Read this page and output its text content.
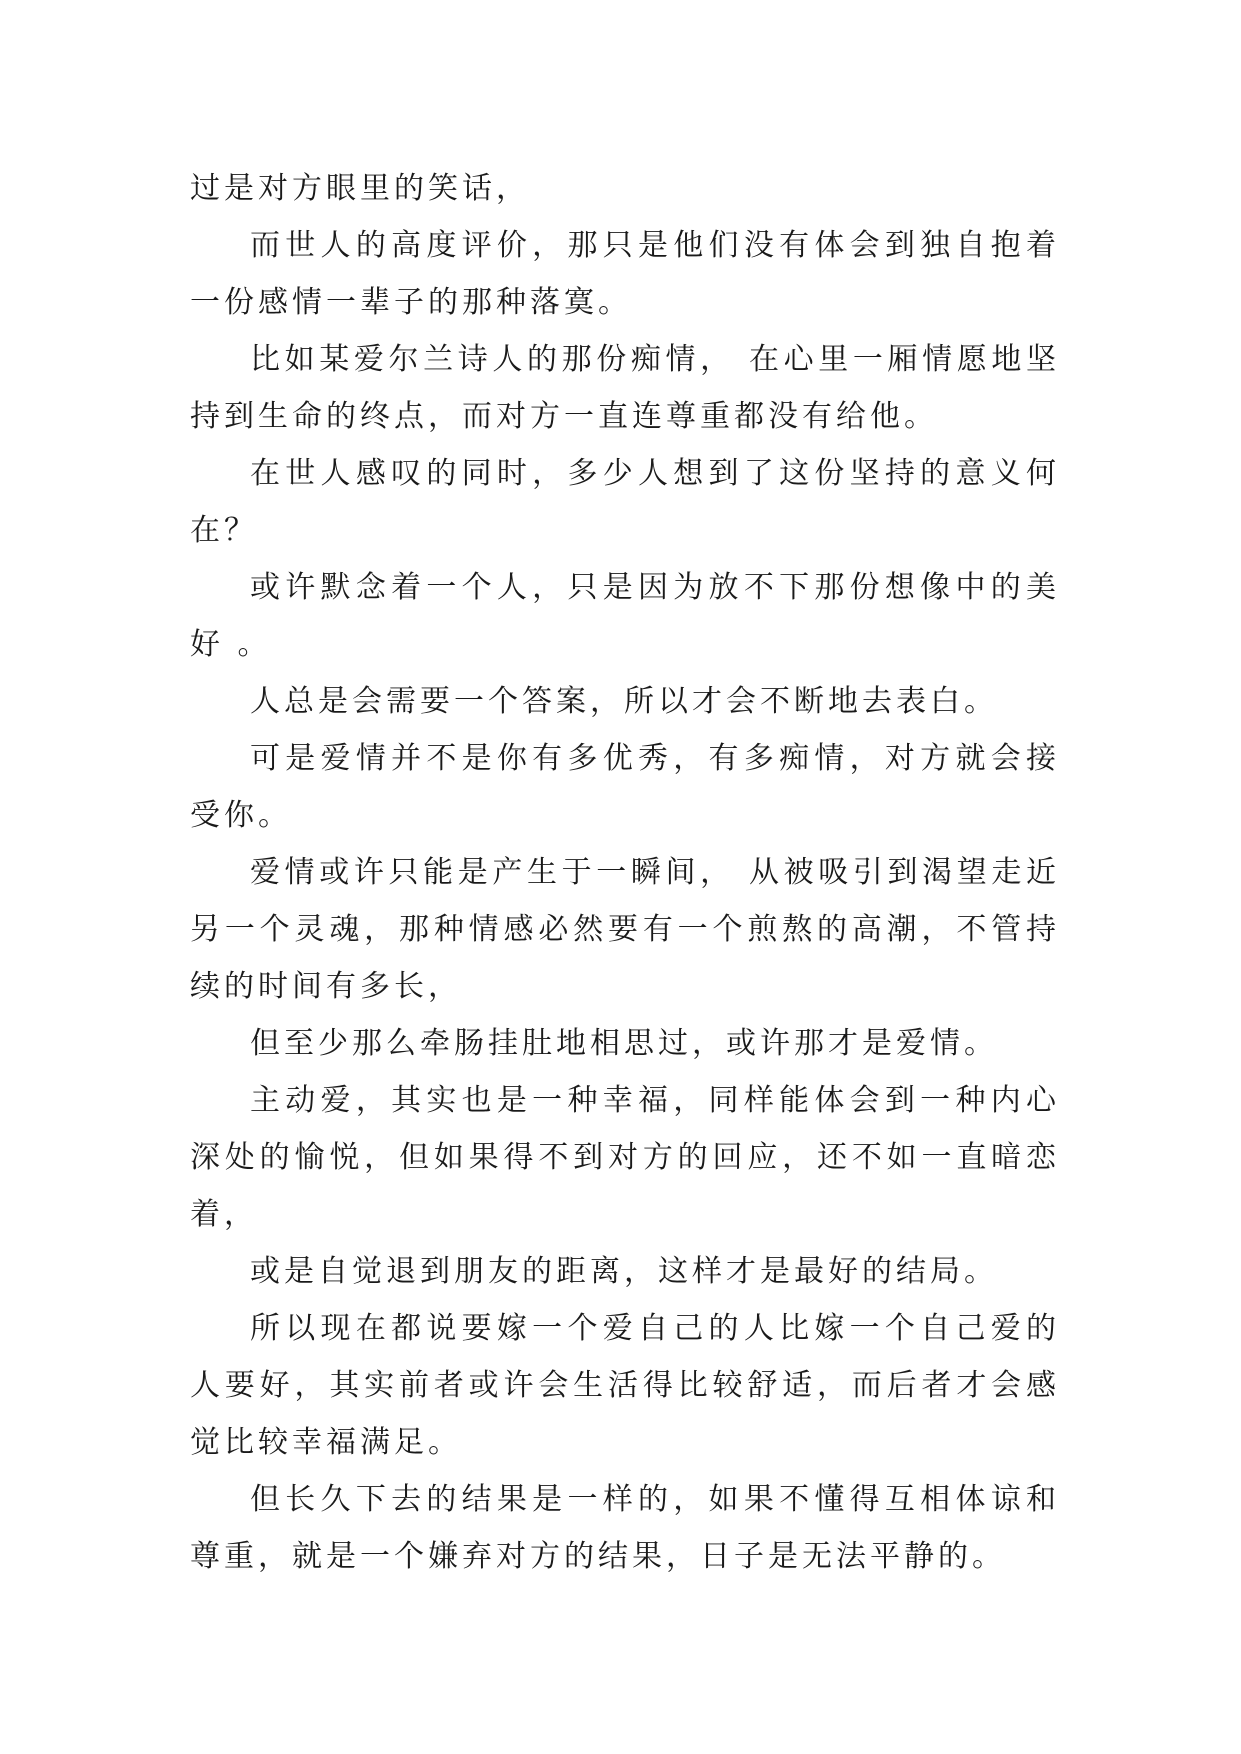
过是对方眼里的笑话，

而世人的高度评价，那只是他们没有体会到独自抱着一份感情一辈子的那种落寞。

比如某爱尔兰诗人的那份痴情， 在心里一厢情愿地坚持到生命的终点，而对方一直连尊重都没有给他。

在世人感叹的同时，多少人想到了这份坚持的意义何在？

或许默念着一个人，只是因为放不下那份想像中的美好 。

人总是会需要一个答案，所以才会不断地去表白。

可是爱情并不是你有多优秀，有多痴情，对方就会接受你。

爱情或许只能是产生于一瞬间， 从被吸引到渴望走近另一个灵魂，那种情感必然要有一个煎熬的高潮，不管持续的时间有多长，

但至少那么牵肠挂肚地相思过，或许那才是爱情。

主动爱，其实也是一种幸福，同样能体会到一种内心深处的愉悦，但如果得不到对方的回应，还不如一直暗恋着，

或是自觉退到朋友的距离，这样才是最好的结局。

所以现在都说要嫁一个爱自己的人比嫁一个自己爱的人要好，其实前者或许会生活得比较舒适，而后者才会感觉比较幸福满足。

但长久下去的结果是一样的，如果不懂得互相体谅和尊重，就是一个嫌弃对方的结果，日子是无法平静的。
